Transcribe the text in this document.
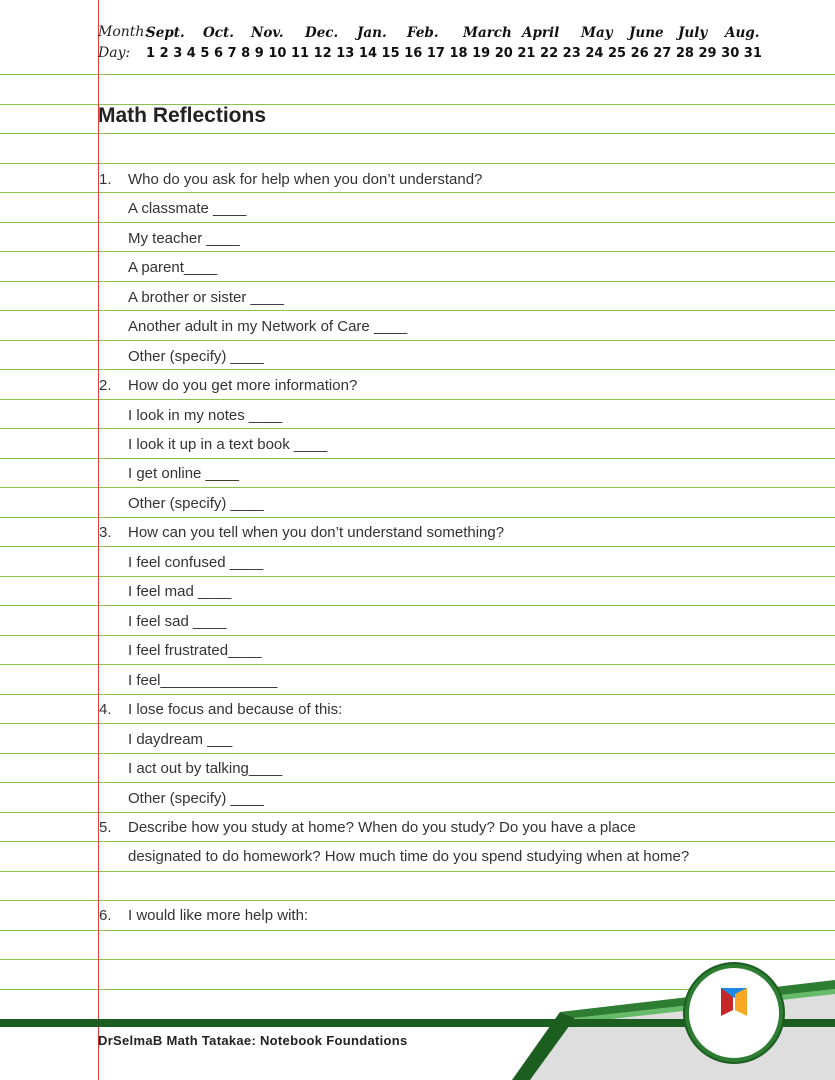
Month:
Day:
Sept. Oct. Nov. Dec. Jan. Feb. March April May June July Aug.
1 2 3 4 5 6 7 8 9 10 11 12 13 14 15 16 17 18 19 20 21 22 23 24 25 26 27 28 29 30 31
Math Reflections
1. Who do you ask for help when you don’t understand?
A classmate ____
My teacher ____
A parent____
A brother or sister ____
Another adult in my Network of Care ____
Other (specify) ____
2. How do you get more information?
I look in my notes ____
I look it up in a text book ____
I get online ____
Other (specify) ____
3. How can you tell when you don’t understand something?
I feel confused ____
I feel mad ____
I feel sad ____
I feel frustrated____
I feel______________
4. I lose focus and because of this:
I daydream ___
I act out by talking____
Other (specify) ____
5. Describe how you study at home? When do you study? Do you have a place
designated to do homework? How much time do you spend studying when at home?
6. I would like more help with:
DrSelmaB Math Tatakae: Notebook Foundations
